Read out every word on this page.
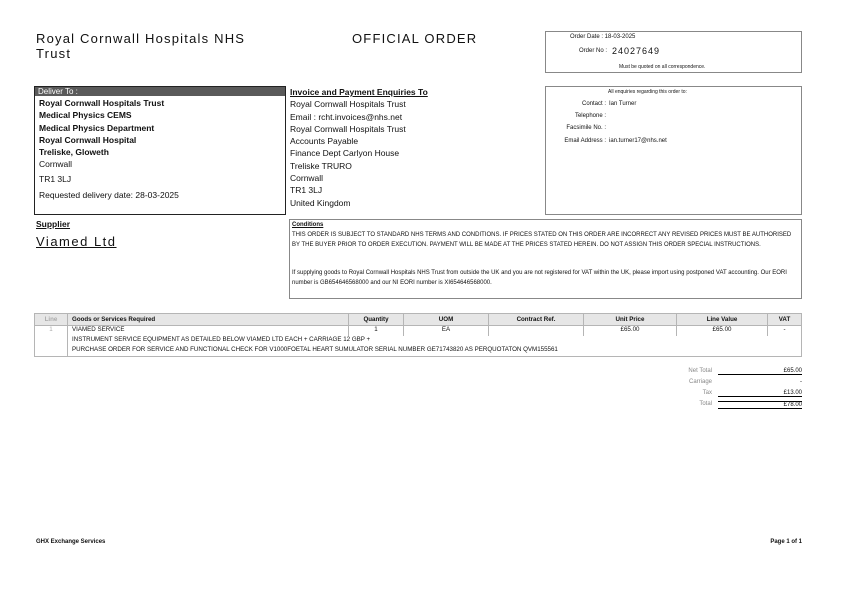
Royal Cornwall Hospitals NHS
Trust
OFFICIAL ORDER	Order Date : 18-03-2025
Order No : 24027649
Must be quoted on all correspondence.
Deliver To :
Royal Cornwall Hospitals Trust
Medical Physics CEMS
Medical Physics Department
Royal Cornwall Hospital
Treliske, Gloweth
Cornwall
TR1 3LJ
Requested delivery date: 28-03-2025
Invoice and Payment Enquiries To
Royal Cornwall Hospitals Trust
Email : rcht.invoices@nhs.net
Royal Cornwall Hospitals Trust
Accounts Payable
Finance Dept Carlyon House
Treliske TRURO
Cornwall
TR1 3LJ
United Kingdom
All enquiries regarding this order to:
Contact : Ian Turner
Telephone :
Facsimile No. :
Email Address : ian.turner17@nhs.net
Supplier
Viamed Ltd
Conditions
THIS ORDER IS SUBJECT TO STANDARD NHS TERMS AND CONDITIONS. IF PRICES STATED ON THIS ORDER ARE INCORRECT ANY REVISED PRICES MUST BE AUTHORISED BY THE BUYER PRIOR TO ORDER EXECUTION. PAYMENT WILL BE MADE AT THE PRICES STATED HEREIN. DO NOT ASSIGN THIS ORDER SPECIAL INSTRUCTIONS.
If supplying goods to Royal Cornwall Hospitals NHS Trust from outside the UK and you are not registered for VAT within the UK, please import using postponed VAT accounting. Our EORI number is GB654646568000 and our NI EORI number is XI654646568000.
Line	Goods or Services Required	Quantity	UOM	Contract Ref.	Unit Price	Line Value	VAT
1	VIAMED SERVICE	1	EA		£65.00	£65.00	-
	INSTRUMENT SERVICE EQUIPMENT AS DETAILED BELOW VIAMED LTD EACH + CARRIAGE 12 GBP +						
	PURCHASE ORDER FOR SERVICE AND FUNCTIONAL CHECK FOR V1000FOETAL HEART SUMULATOR SERIAL NUMBER GE71743820 AS PERQUOTATON QVM155561						
Net Total	£65.00
Carriage	-
Tax	£13.00
Total	£78.00
GHX Exchange Services	Page 1 of 1
